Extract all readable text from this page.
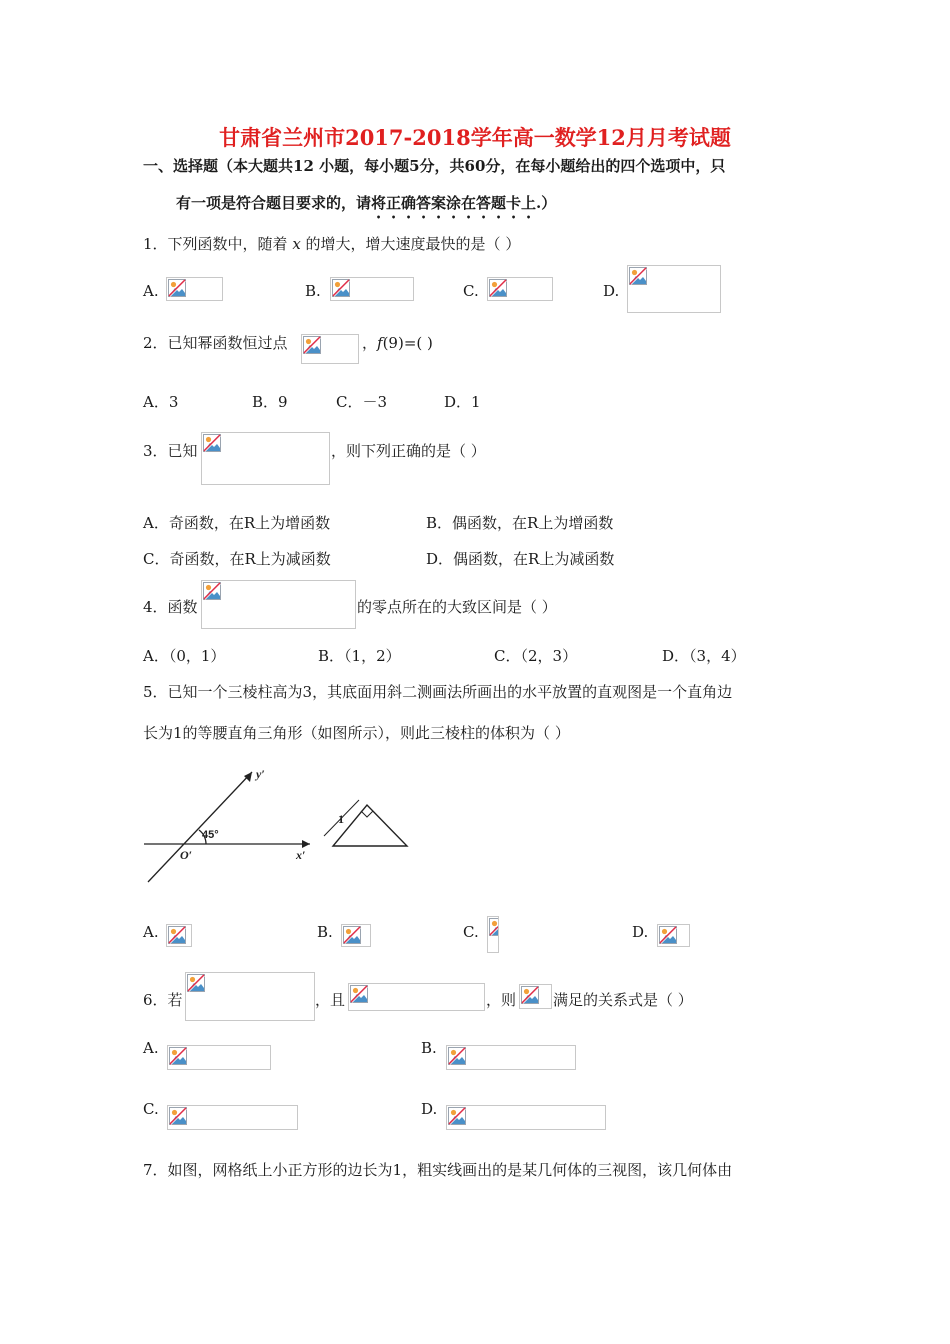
甘肃省兰州市2017-2018学年高一数学12月月考试题
一、选择题（本大题共12 小题，每小题5分，共60分，在每小题给出的四个选项中，只
有一项是符合题目要求的，请将正确答案涂在答题卡上.）
1．下列函数中，随着 x 的增大，增大速度最快的是（ ）
A.	B.	C.	D.
2．已知幂函数恒过点	，f(9)=( )
A．3	B．9	C．－3	D．1
3．已知	，则下列正确的是（ ）
A．奇函数，在R上为增函数	B．偶函数，在R上为增函数
C．奇函数，在R上为减函数	D．偶函数，在R上为减函数
4．函数	的零点所在的大致区间是（ ）
A．（0，1）	B．（1，2）	C．（2，3）	D．（3，4）
5．已知一个三棱柱高为3，其底面用斜二测画法所画出的水平放置的直观图是一个直角边
长为1的等腰直角三角形（如图所示），则此三棱柱的体积为（ ）
y′
x′
O′
45°
1
A.	B.	C.	D.
6．若	，且	，则 满足的关系式是（ ）
A.	B.
C.	D.
7．如图，网格纸上小正方形的边长为1，粗实线画出的是某几何体的三视图，该几何体由
